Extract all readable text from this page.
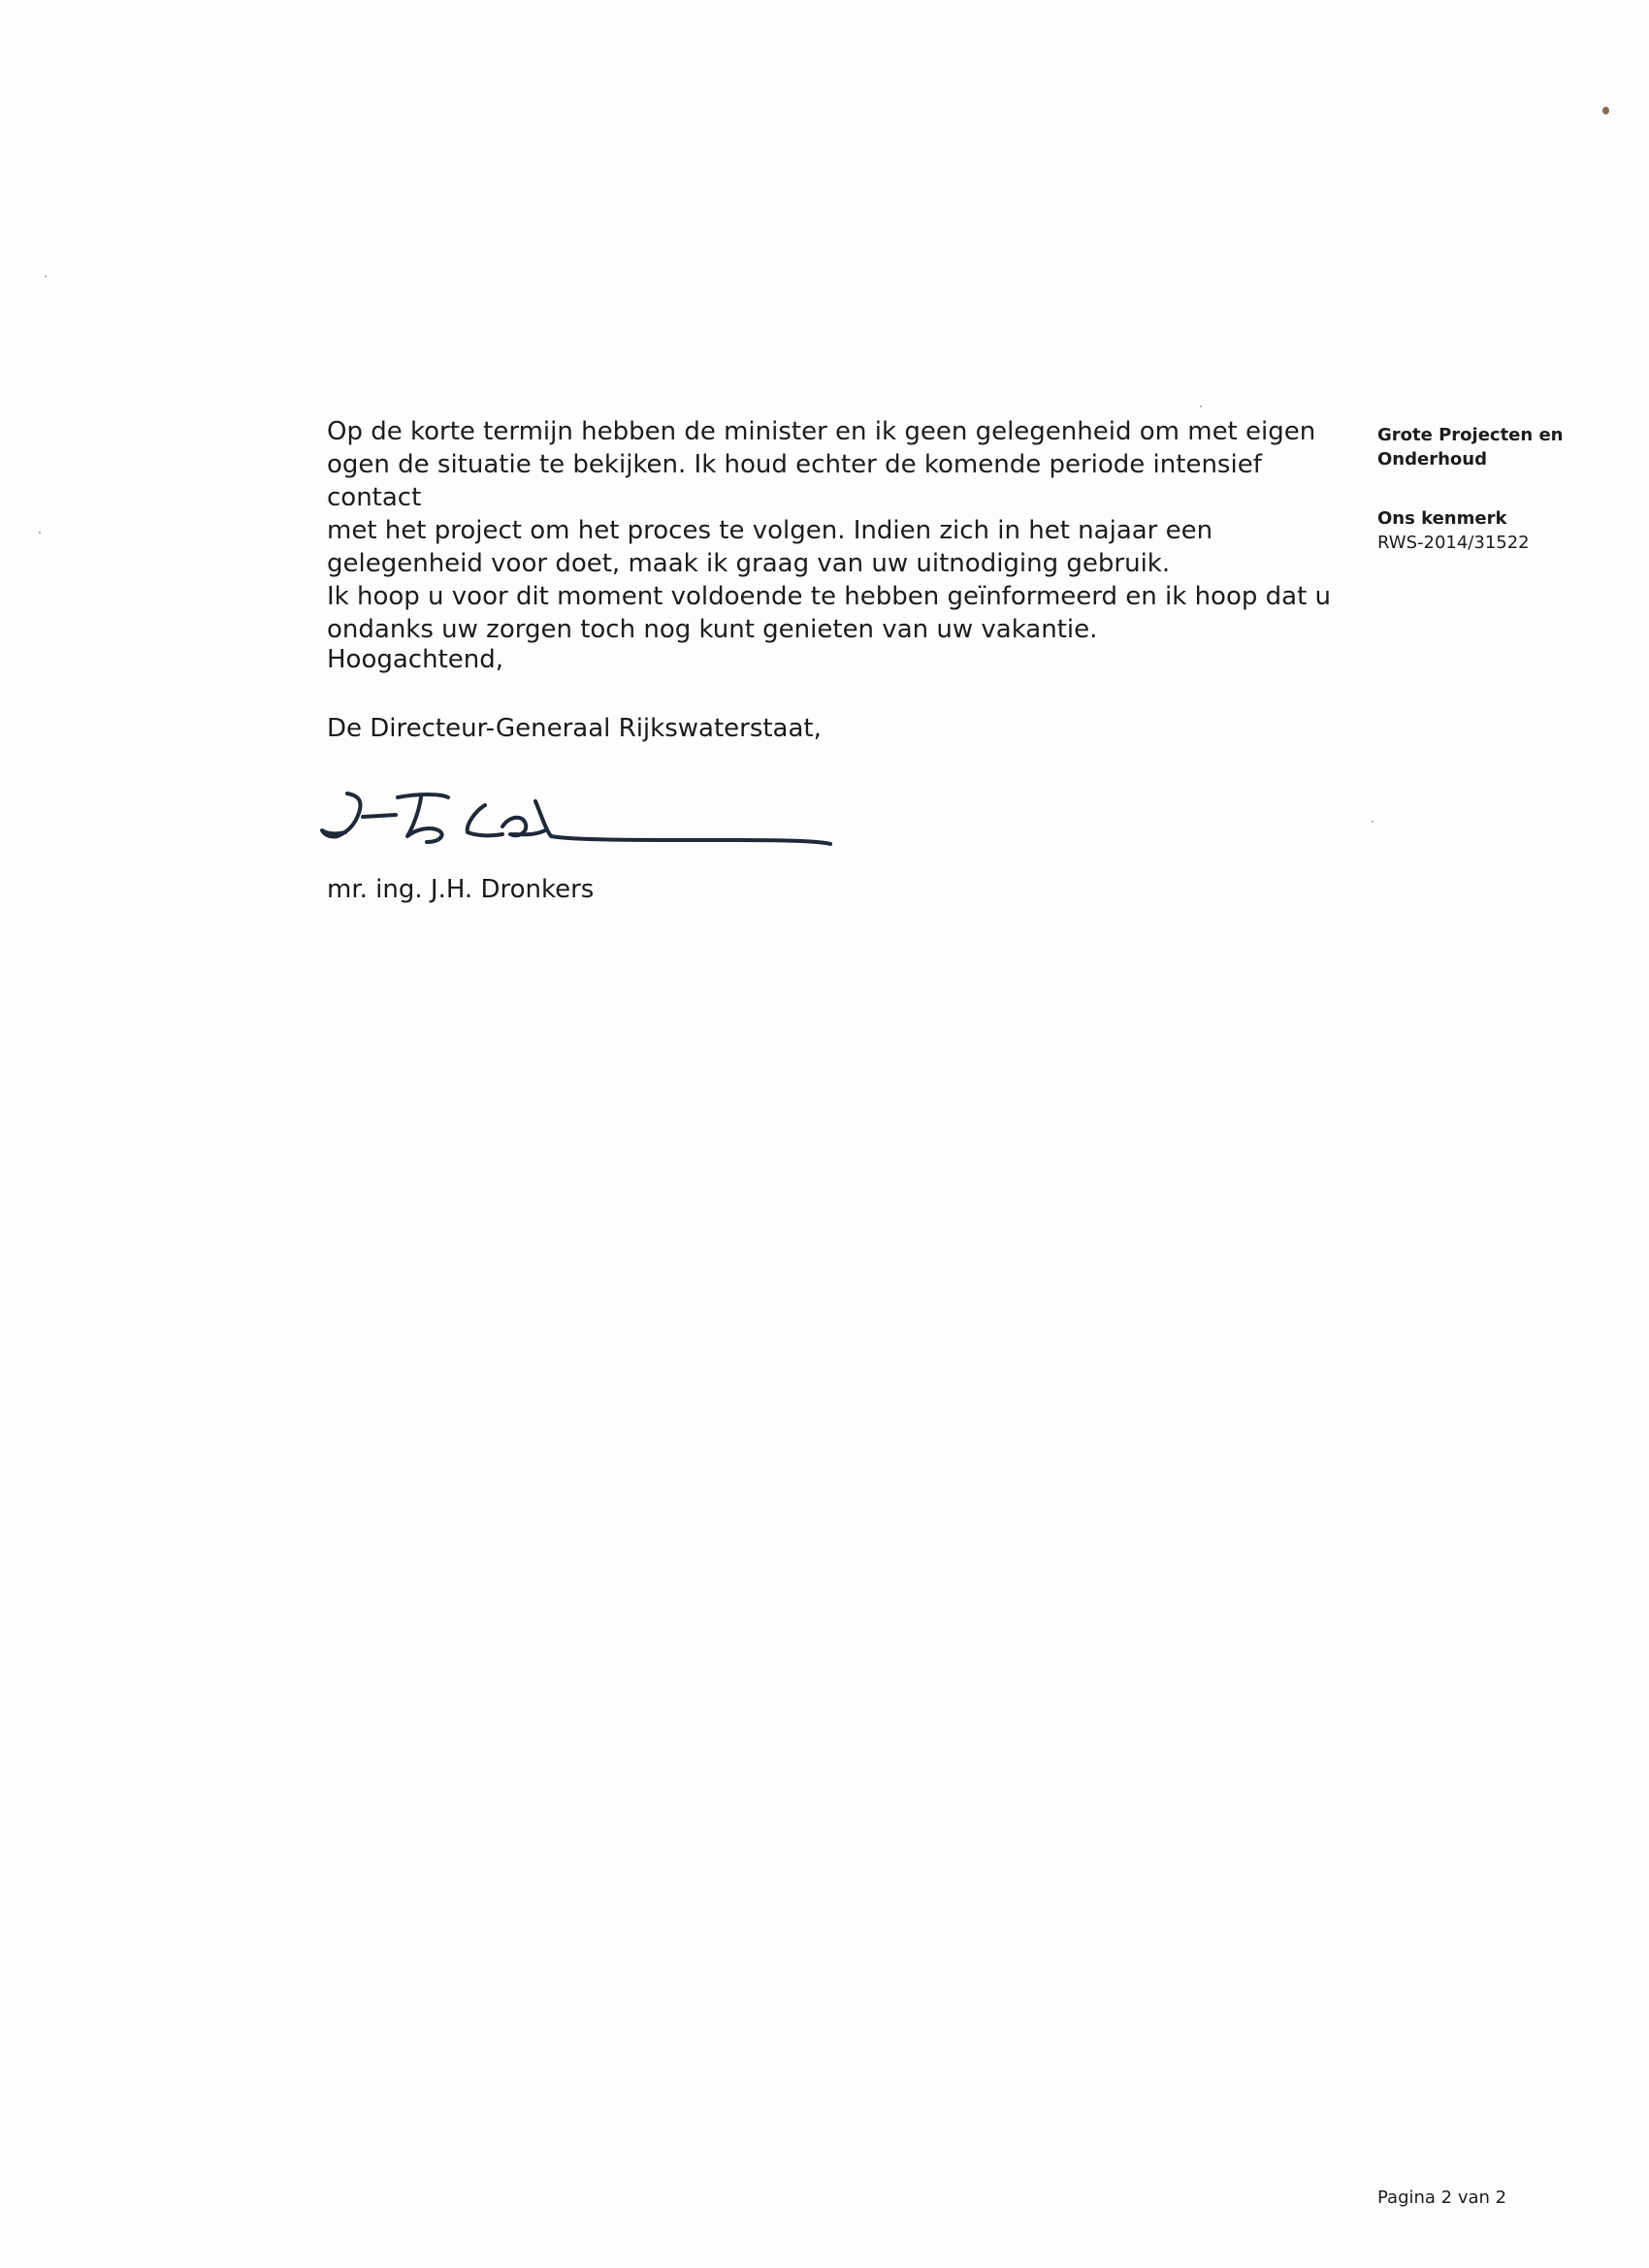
Op de korte termijn hebben de minister en ik geen gelegenheid om met eigen

ogen de situatie te bekijken. Ik houd echter de komende periode intensief contact

met het project om het proces te volgen. Indien zich in het najaar een

gelegenheid voor doet, maak ik graag van uw uitnodiging gebruik.

Ik hoop u voor dit moment voldoende te hebben geïnformeerd en ik hoop dat u

ondanks uw zorgen toch nog kunt genieten van uw vakantie.

Hoogachtend,
De Directeur-Generaal Rijkswaterstaat,
mr. ing. J.H. Dronkers
Grote Projecten en
Onderhoud
Ons kenmerk
RWS-2014/31522
Pagina 2 van 2
